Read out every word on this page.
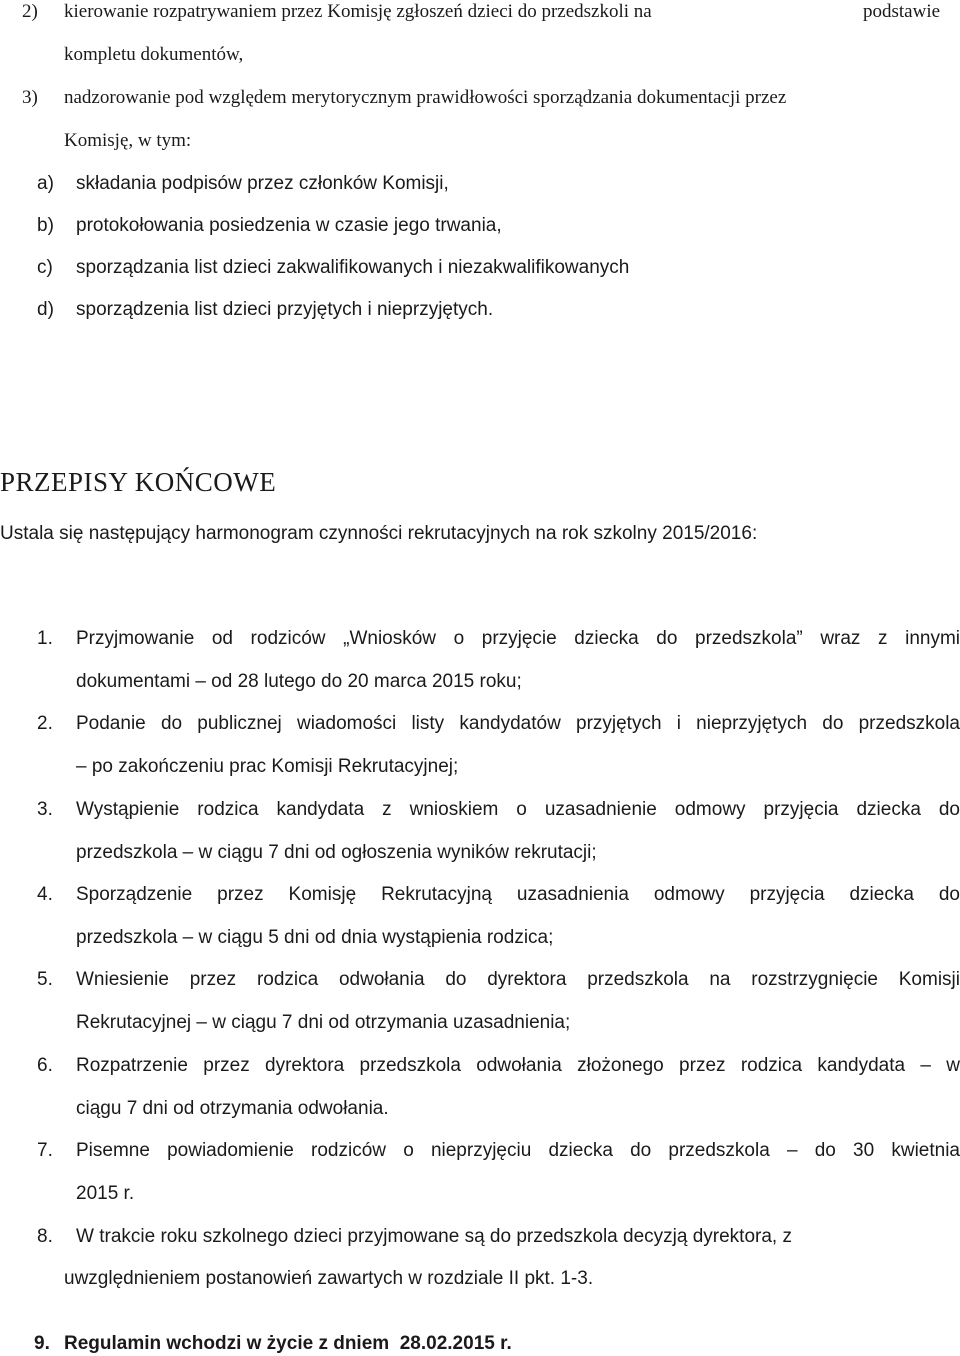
2) kierowanie rozpatrywaniem przez Komisję zgłoszeń dzieci do przedszkoli na	podstawie
kompletu dokumentów,
3) nadzorowanie pod względem merytorycznym prawidłowości sporządzania dokumentacji przez
Komisję, w tym:
a) składania podpisów przez członków Komisji,
b) protokołowania posiedzenia w czasie jego trwania,
c) sporządzania list dzieci zakwalifikowanych i niezakwalifikowanych
d) sporządzenia list dzieci przyjętych i nieprzyjętych.
PRZEPISY KOŃCOWE
Ustala się następujący harmonogram czynności rekrutacyjnych na rok szkolny 2015/2016:
1. Przyjmowanie od rodziców „Wniosków o przyjęcie dziecka do przedszkola” wraz z innymi
dokumentami – od 28 lutego do 20 marca 2015 roku;
2. Podanie do publicznej wiadomości listy kandydatów przyjętych i nieprzyjętych do przedszkola
– po zakończeniu prac Komisji Rekrutacyjnej;
3. Wystąpienie rodzica kandydata z wnioskiem o uzasadnienie odmowy przyjęcia dziecka do
przedszkola – w ciągu 7 dni od ogłoszenia wyników rekrutacji;
4. Sporządzenie przez Komisję Rekrutacyjną uzasadnienia odmowy przyjęcia dziecka do
przedszkola – w ciągu 5 dni od dnia wystąpienia rodzica;
5. Wniesienie przez rodzica odwołania do dyrektora przedszkola na rozstrzygnięcie Komisji
Rekrutacyjnej – w ciągu 7 dni od otrzymania uzasadnienia;
6. Rozpatrzenie przez dyrektora przedszkola odwołania złożonego przez rodzica kandydata – w
ciągu 7 dni od otrzymania odwołania.
7. Pisemne powiadomienie rodziców o nieprzyjęciu dziecka do przedszkola – do 30 kwietnia
2015 r.
8. W trakcie roku szkolnego dzieci przyjmowane są do przedszkola decyzją dyrektora, z
uwzględnieniem postanowień zawartych w rozdziale II pkt. 1-3.
9. Regulamin wchodzi w życie z dniem  28.02.2015 r.
